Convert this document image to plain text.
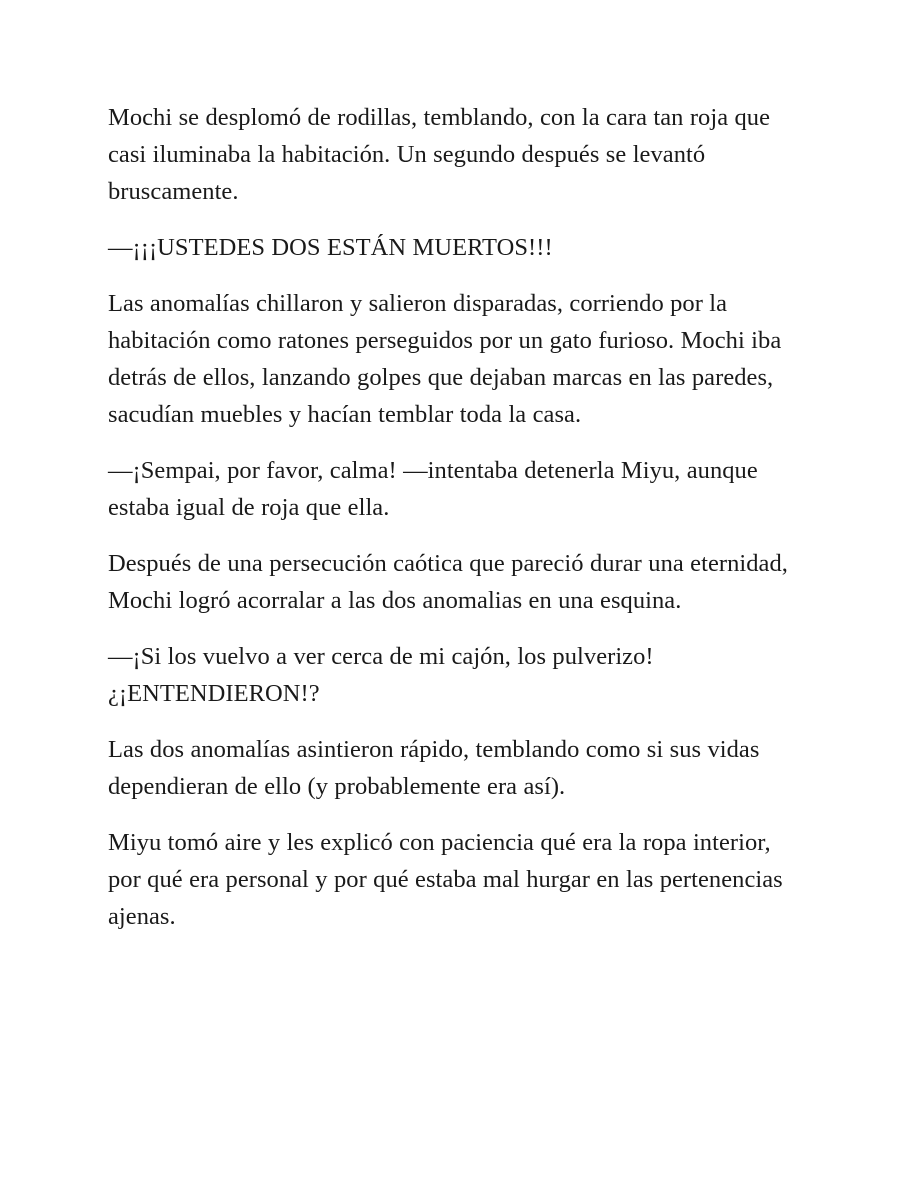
Mochi se desplomó de rodillas, temblando, con la cara tan roja que casi iluminaba la habitación. Un segundo después se levantó bruscamente.

—¡¡¡USTEDES DOS ESTÁN MUERTOS!!!

Las anomalías chillaron y salieron disparadas, corriendo por la habitación como ratones perseguidos por un gato furioso. Mochi iba detrás de ellos, lanzando golpes que dejaban marcas en las paredes, sacudían muebles y hacían temblar toda la casa.

—¡Sempai, por favor, calma! —intentaba detenerla Miyu, aunque estaba igual de roja que ella.

Después de una persecución caótica que pareció durar una eternidad, Mochi logró acorralar a las dos anomalias en una esquina.

—¡Si los vuelvo a ver cerca de mi cajón, los pulverizo! ¿¡ENTENDIERON!?

Las dos anomalías asintieron rápido, temblando como si sus vidas dependieran de ello (y probablemente era así).

Miyu tomó aire y les explicó con paciencia qué era la ropa interior, por qué era personal y por qué estaba mal hurgar en las pertenencias ajenas.
